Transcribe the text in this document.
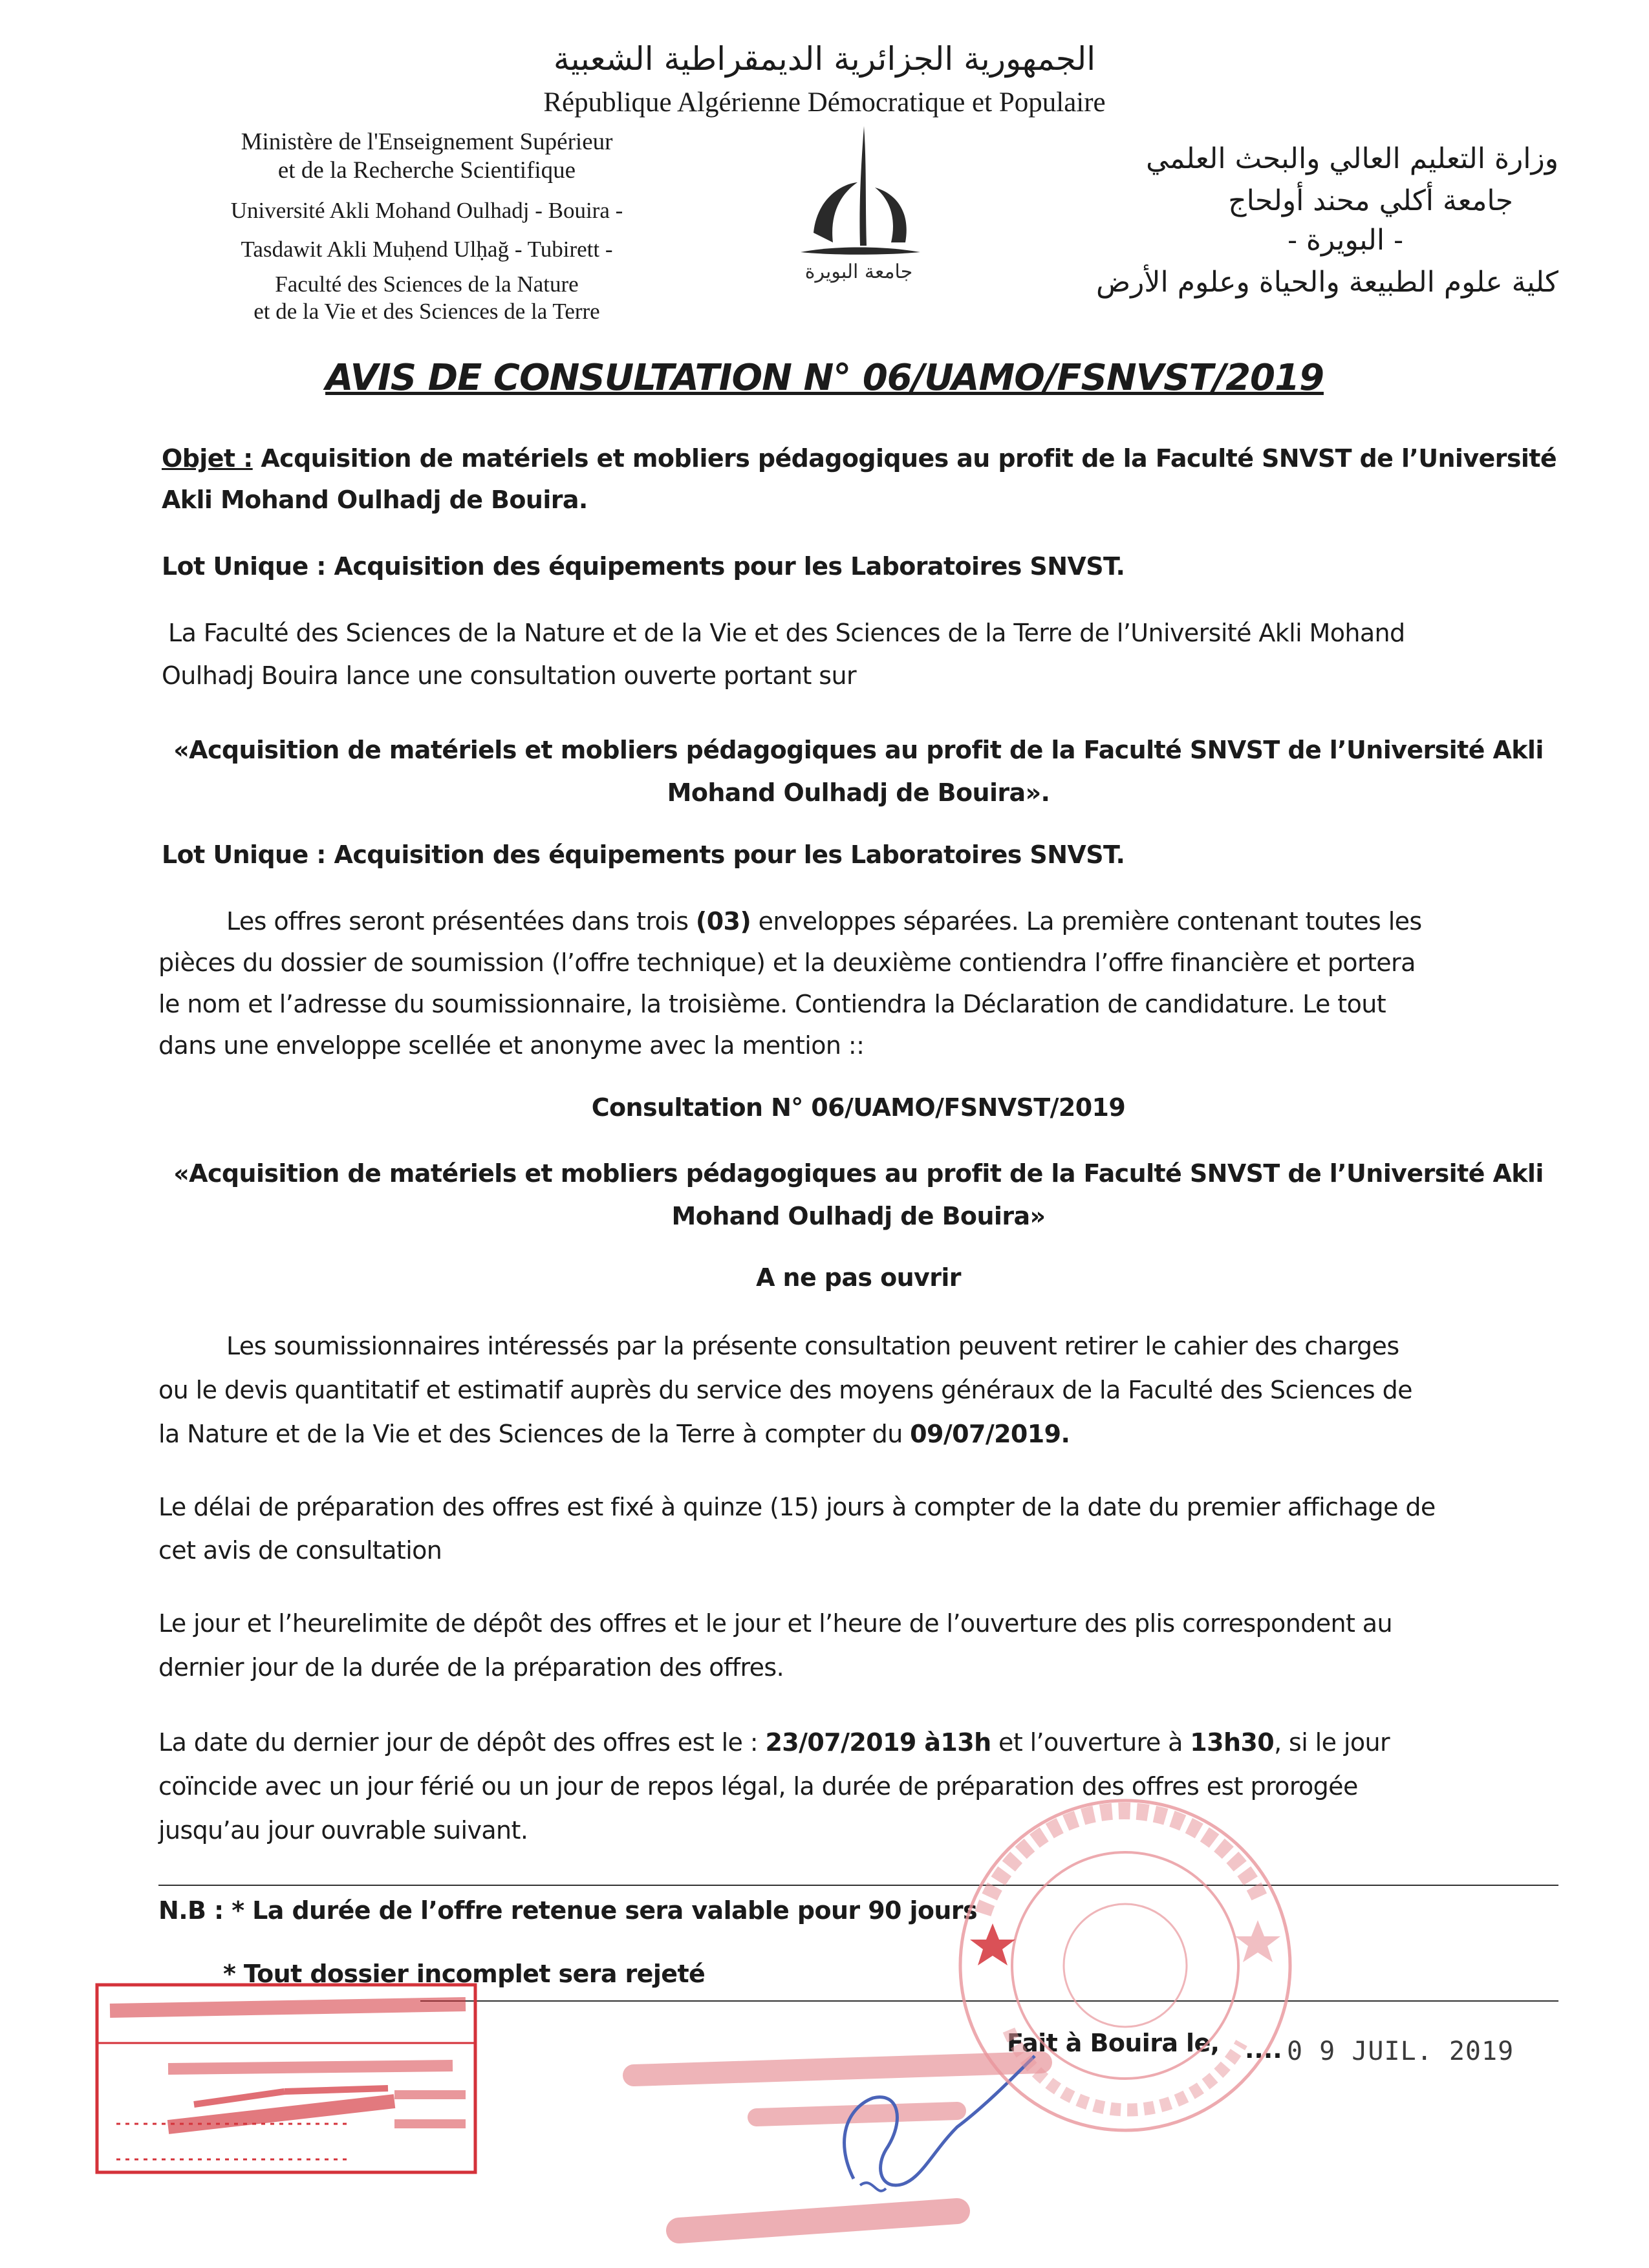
الجمهورية الجزائرية الديمقراطية الشعبية
République Algérienne Démocratique et Populaire
Ministère de l'Enseignement Supérieur
et de la Recherche Scientifique
Université Akli Mohand Oulhadj - Bouira -
Tasdawit Akli Muḥend Ulḥağ - Tubirett -
Faculté des Sciences de la Nature
et de la Vie et des Sciences de la Terre
جامعة البويرة
وزارة التعليم العالي والبحث العلمي
جامعة أكلي محند أولحاج
- البويرة -
كلية علوم الطبيعة والحياة وعلوم الأرض
AVIS DE CONSULTATION N° 06/UAMO/FSNVST/2019
Objet : Acquisition de matériels et mobliers pédagogiques au profit de la Faculté SNVST de l’Université
Akli Mohand Oulhadj de Bouira.
Lot Unique : Acquisition des équipements pour les Laboratoires SNVST.
La Faculté des Sciences de la Nature et de la Vie et des Sciences de la Terre de l’Université Akli Mohand
Oulhadj Bouira lance une consultation ouverte portant sur
«Acquisition de matériels et mobliers pédagogiques au profit de la Faculté SNVST de l’Université Akli
Mohand Oulhadj de Bouira».
Lot Unique : Acquisition des équipements pour les Laboratoires SNVST.
Les offres seront présentées dans trois (03) enveloppes séparées. La première contenant toutes les
pièces du dossier de soumission (l’offre technique) et la deuxième contiendra l’offre financière et portera
le nom et l’adresse du soumissionnaire, la troisième. Contiendra la Déclaration de candidature. Le tout
dans une enveloppe scellée et anonyme avec la mention ::
Consultation N° 06/UAMO/FSNVST/2019
«Acquisition de matériels et mobliers pédagogiques au profit de la Faculté SNVST de l’Université Akli
Mohand Oulhadj de Bouira»
A ne pas ouvrir
Les soumissionnaires intéressés par la présente consultation peuvent retirer le cahier des charges
ou le devis quantitatif et estimatif auprès du service des moyens généraux de la Faculté des Sciences de
la Nature et de la Vie et des Sciences de la Terre à compter du 09/07/2019.
Le délai de préparation des offres est fixé à quinze (15) jours à compter de la date du premier affichage de
cet avis de consultation
Le jour et l’heurelimite de dépôt des offres et le jour et l’heure de l’ouverture des plis correspondent au
dernier jour de la durée de la préparation des offres.
La date du dernier jour de dépôt des offres est le : 23/07/2019 à13h et l’ouverture à 13h30, si le jour
coïncide avec un jour férié ou un jour de repos légal, la durée de préparation des offres est prorogée
jusqu’au jour ouvrable suivant.
N.B : * La durée de l’offre retenue sera valable pour 90 jours
* Tout dossier incomplet sera rejeté
Fait à Bouira le, .... 0 9 JUIL. 2019
